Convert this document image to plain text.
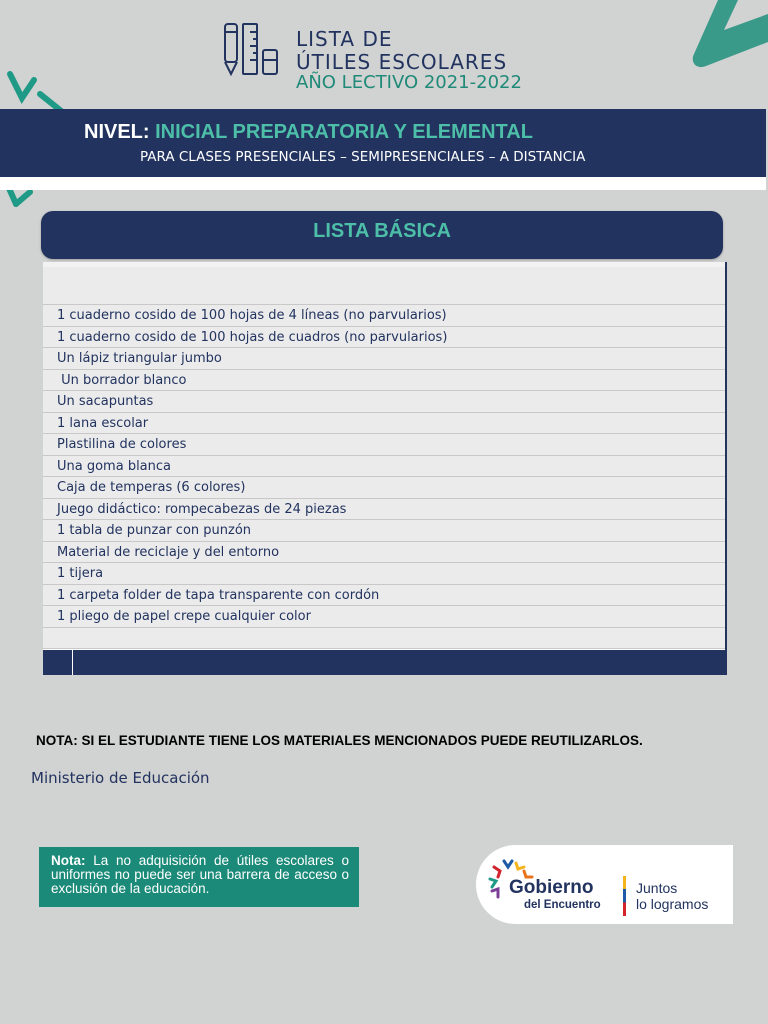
LISTA DE
ÚTILES ESCOLARES
AÑO LECTIVO 2021-2022
NIVEL: INICIAL PREPARATORIA Y ELEMENTAL
PARA CLASES PRESENCIALES – SEMIPRESENCIALES – A DISTANCIA
LISTA BÁSICA
1 cuaderno cosido de 100 hojas de 4 líneas (no parvularios)
1 cuaderno cosido de 100 hojas de cuadros (no parvularios)
Un lápiz triangular jumbo
Un borrador blanco
Un sacapuntas
1 lana escolar
Plastilina de colores
Una goma blanca
Caja de temperas (6 colores)
Juego didáctico: rompecabezas de 24 piezas
1 tabla de punzar con punzón
Material de reciclaje y del entorno
1 tijera
1 carpeta folder de tapa transparente con cordón
1 pliego de papel crepe cualquier color
NOTA: SI EL ESTUDIANTE TIENE LOS MATERIALES MENCIONADOS PUEDE REUTILIZARLOS.
Ministerio de Educación
Nota: La no adquisición de útiles escolares o uniformes no puede ser una barrera de acceso o exclusión de la educación.	Gobierno
del Encuentro
Juntos
lo logramos
